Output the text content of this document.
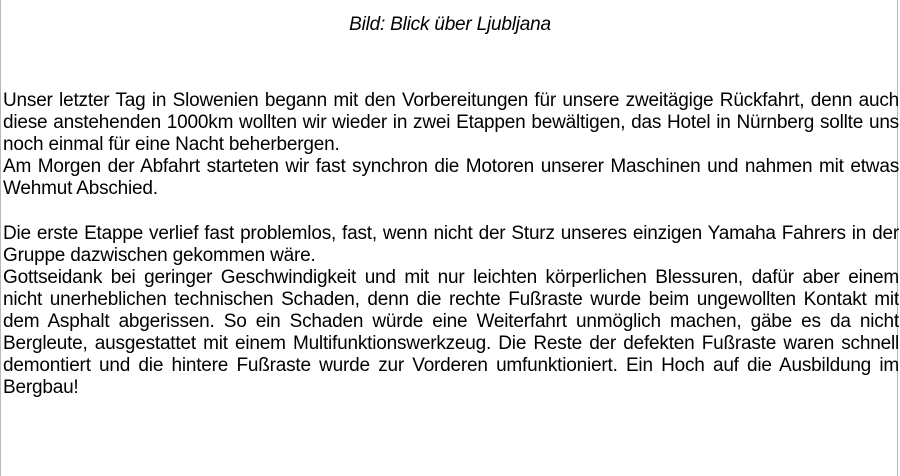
Bild: Blick über Ljubljana

Unser letzter Tag in Slowenien begann mit den Vorbereitungen für unsere zweitägige Rückfahrt, denn auch diese anstehenden 1000km wollten wir wieder in zwei Etappen bewältigen, das Hotel in Nürnberg sollte uns noch einmal für eine Nacht beherbergen.

Am Morgen der Abfahrt starteten wir fast synchron die Motoren unserer Maschinen und nahmen mit etwas Wehmut Abschied.

Die erste Etappe verlief fast problemlos, fast, wenn nicht der Sturz unseres einzigen Yamaha Fahrers in der Gruppe dazwischen gekommen wäre.

Gottseidank bei geringer Geschwindigkeit und mit nur leichten körperlichen Blessuren, dafür aber einem nicht unerheblichen technischen Schaden, denn die rechte Fußraste wurde beim ungewollten Kontakt mit dem Asphalt abgerissen. So ein Schaden würde eine Weiterfahrt unmöglich machen, gäbe es da nicht Bergleute, ausgestattet mit einem Multifunktionswerkzeug. Die Reste der defekten Fußraste waren schnell demontiert und die hintere Fußraste wurde zur Vorderen umfunktioniert. Ein Hoch auf die Ausbildung im Bergbau!
